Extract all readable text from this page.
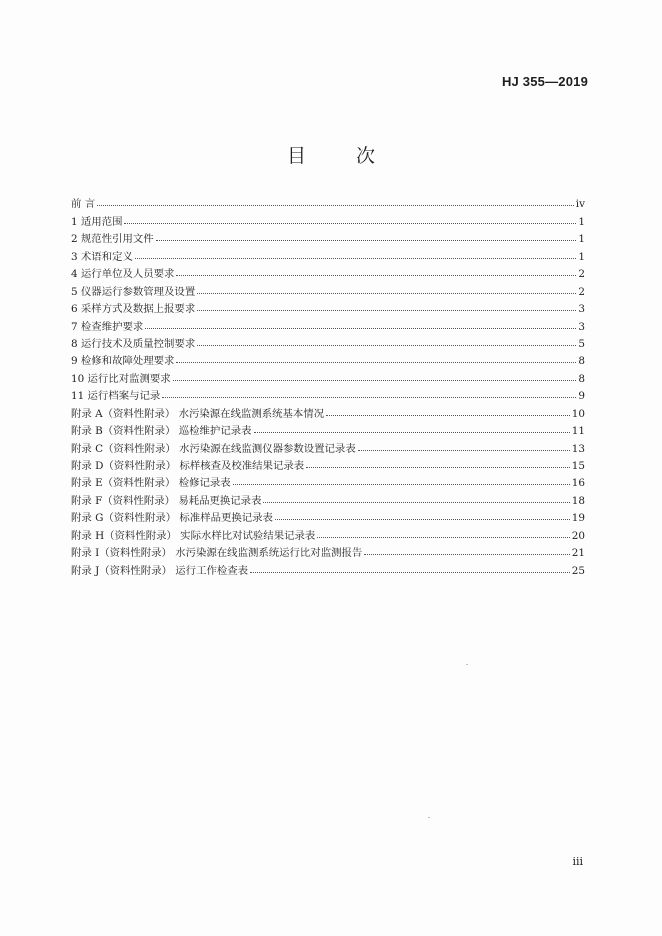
HJ 355—2019
目 次
前 言	iv
1 适用范围	1
2 规范性引用文件	1
3 术语和定义	1
4 运行单位及人员要求	2
5 仪器运行参数管理及设置	2
6 采样方式及数据上报要求	3
7 检查维护要求	3
8 运行技术及质量控制要求	5
9 检修和故障处理要求	8
10 运行比对监测要求	8
11 运行档案与记录	9
附录 A（资料性附录） 水污染源在线监测系统基本情况	10
附录 B（资料性附录） 巡检维护记录表	11
附录 C（资料性附录） 水污染源在线监测仪器参数设置记录表	13
附录 D（资料性附录） 标样核查及校准结果记录表	15
附录 E（资料性附录） 检修记录表	16
附录 F（资料性附录） 易耗品更换记录表	18
附录 G（资料性附录） 标准样品更换记录表	19
附录 H（资料性附录） 实际水样比对试验结果记录表	20
附录 I（资料性附录） 水污染源在线监测系统运行比对监测报告	21
附录 J（资料性附录） 运行工作检查表	25
iii
